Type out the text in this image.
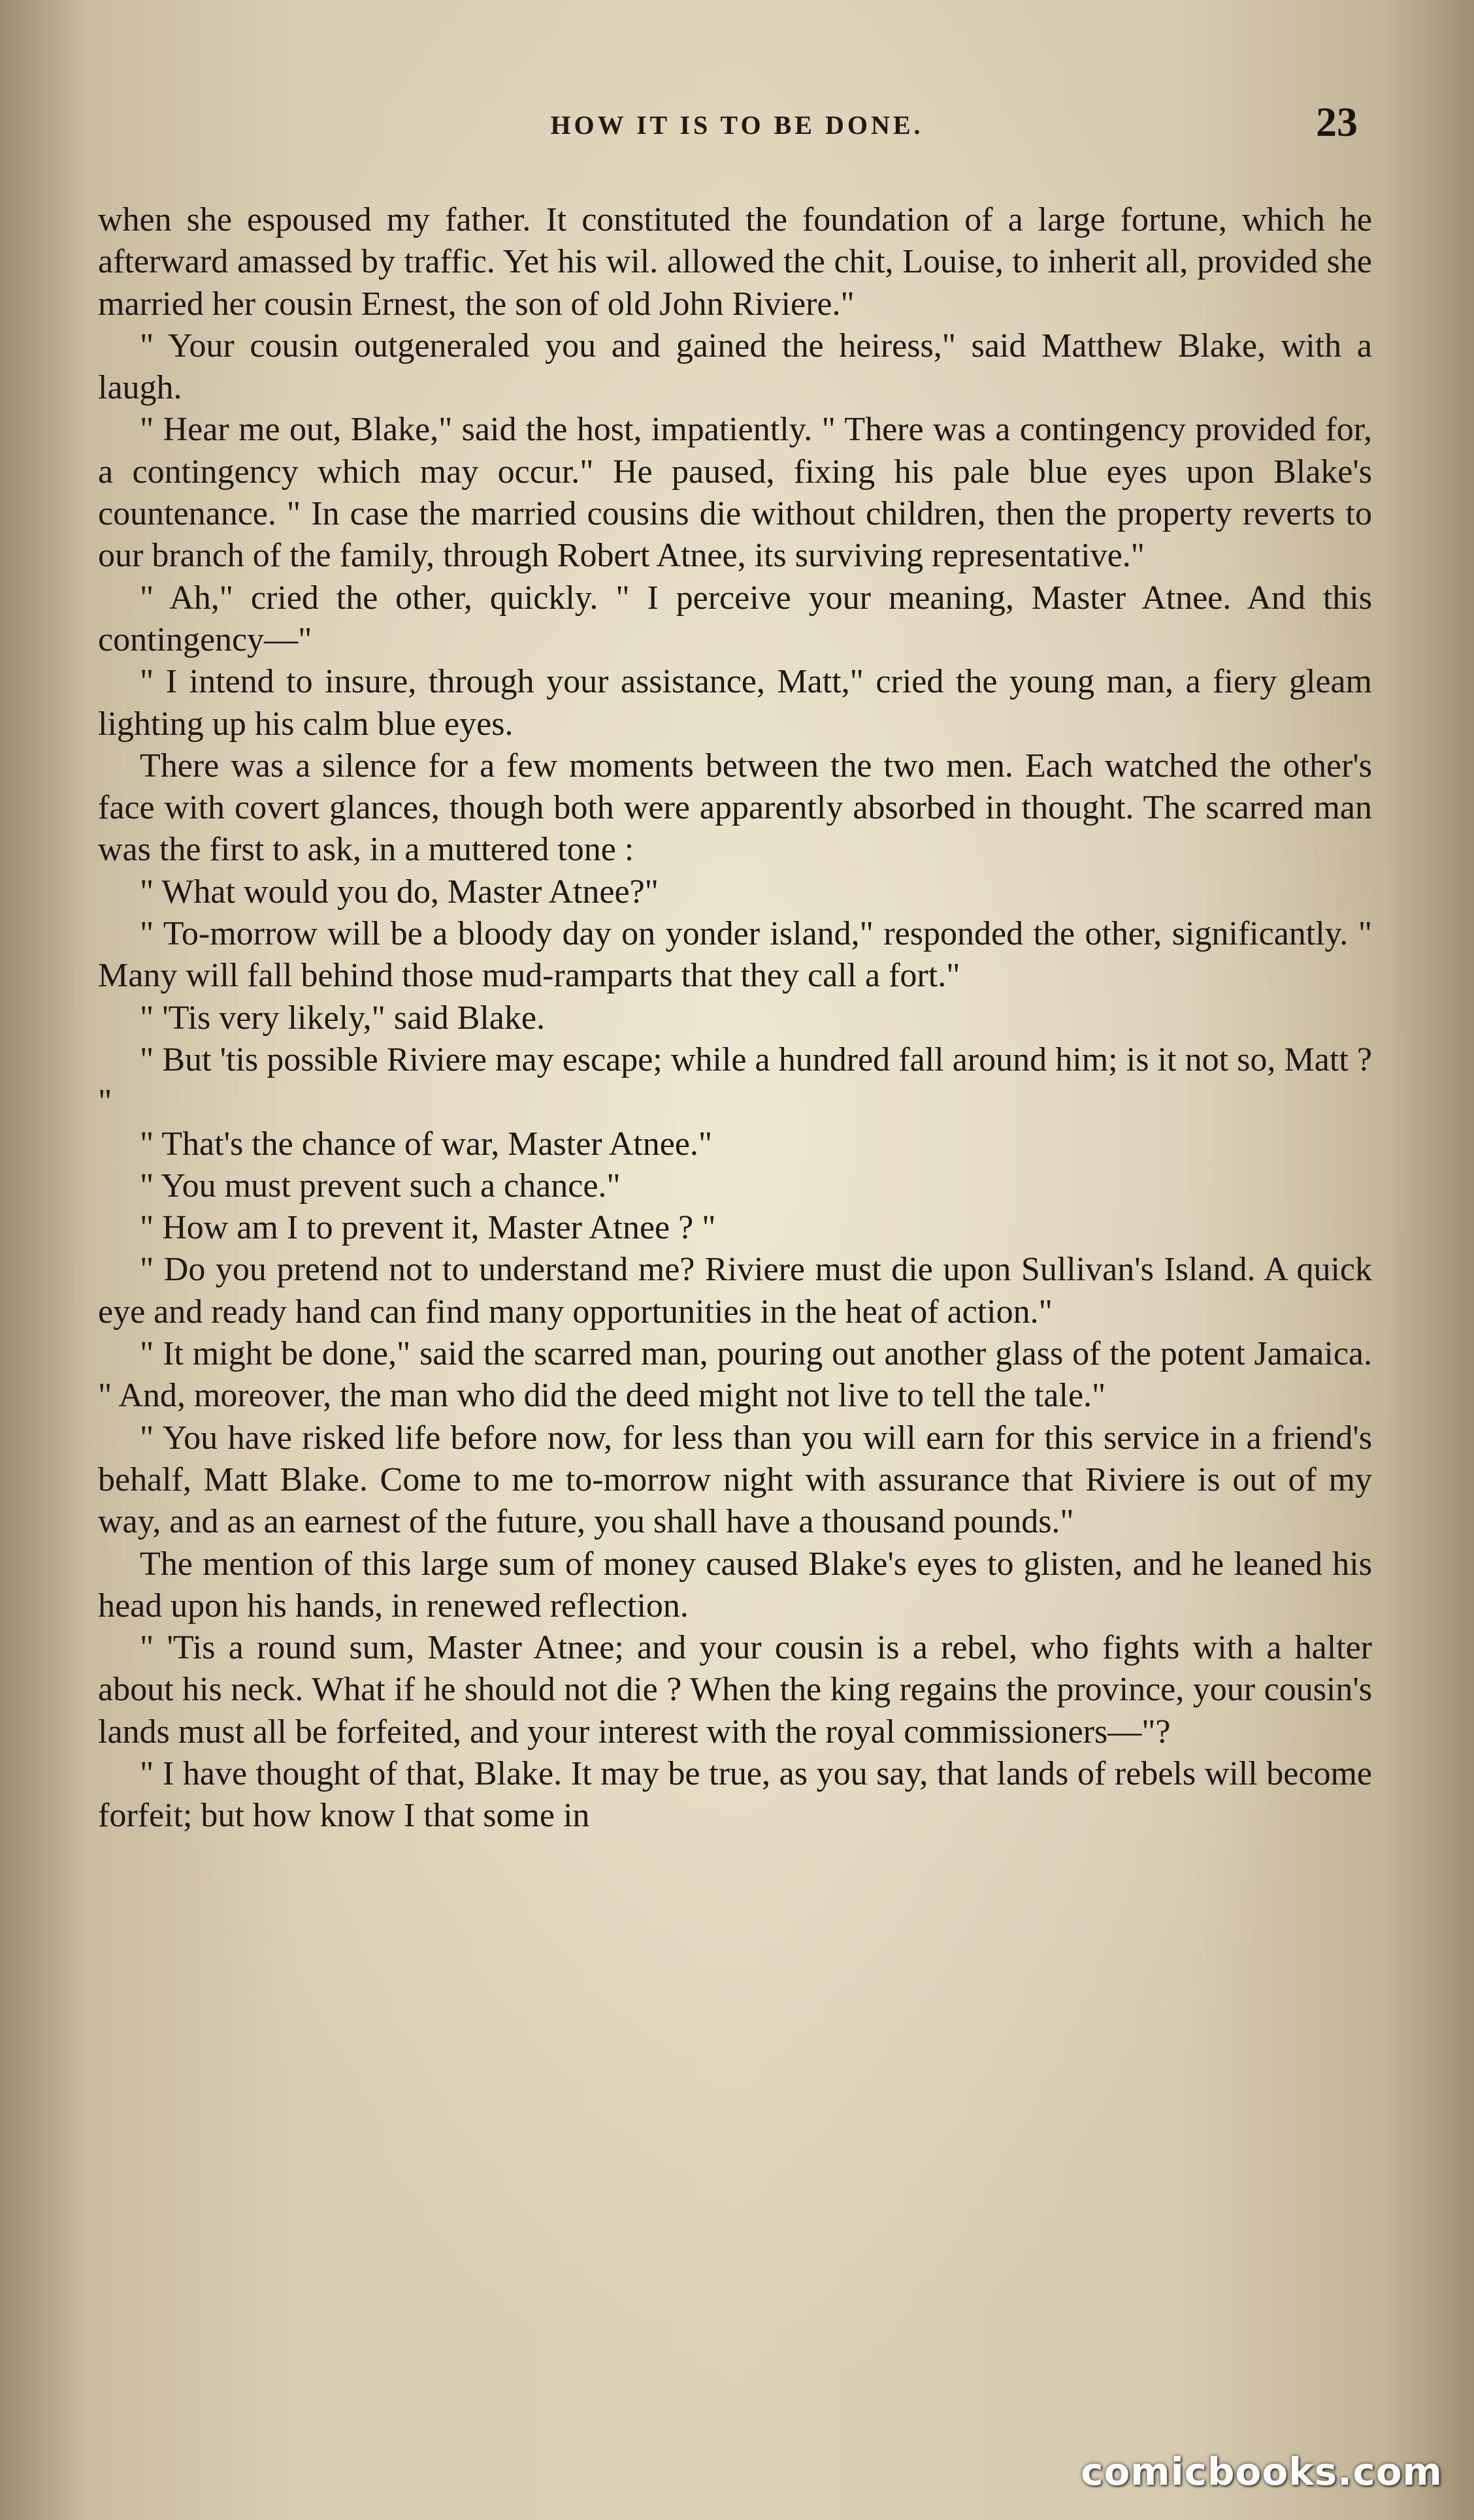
HOW IT IS TO BE DONE.	23

when she espoused my father. It constituted the foundation of a large fortune, which he afterward amassed by traffic. Yet his wil. allowed the chit, Louise, to inherit all, provided she married her cousin Ernest, the son of old John Riviere."

" Your cousin outgeneraled you and gained the heiress," said Matthew Blake, with a laugh.

" Hear me out, Blake," said the host, impatiently. " There was a contingency provided for, a contingency which may occur." He paused, fixing his pale blue eyes upon Blake's countenance. " In case the married cousins die without children, then the property reverts to our branch of the family, through Robert Atnee, its surviving representative."

" Ah," cried the other, quickly. " I perceive your meaning, Master Atnee. And this contingency—"

" I intend to insure, through your assistance, Matt," cried the young man, a fiery gleam lighting up his calm blue eyes.

There was a silence for a few moments between the two men. Each watched the other's face with covert glances, though both were apparently absorbed in thought. The scarred man was the first to ask, in a muttered tone :

" What would you do, Master Atnee?"

" To-morrow will be a bloody day on yonder island," responded the other, significantly. " Many will fall behind those mud-ramparts that they call a fort."

" 'Tis very likely," said Blake.

" But 'tis possible Riviere may escape; while a hundred fall around him; is it not so, Matt ? "

" That's the chance of war, Master Atnee."

" You must prevent such a chance."

" How am I to prevent it, Master Atnee ? "

" Do you pretend not to understand me? Riviere must die upon Sullivan's Island. A quick eye and ready hand can find many opportunities in the heat of action."

" It might be done," said the scarred man, pouring out another glass of the potent Jamaica. " And, moreover, the man who did the deed might not live to tell the tale."

" You have risked life before now, for less than you will earn for this service in a friend's behalf, Matt Blake. Come to me to-morrow night with assurance that Riviere is out of my way, and as an earnest of the future, you shall have a thousand pounds."

The mention of this large sum of money caused Blake's eyes to glisten, and he leaned his head upon his hands, in renewed reflection.

" 'Tis a round sum, Master Atnee; and your cousin is a rebel, who fights with a halter about his neck. What if he should not die ? When the king regains the province, your cousin's lands must all be forfeited, and your interest with the royal commissioners—"?

" I have thought of that, Blake. It may be true, as you say, that lands of rebels will become forfeit; but how know I that some in

comicbooks.com
